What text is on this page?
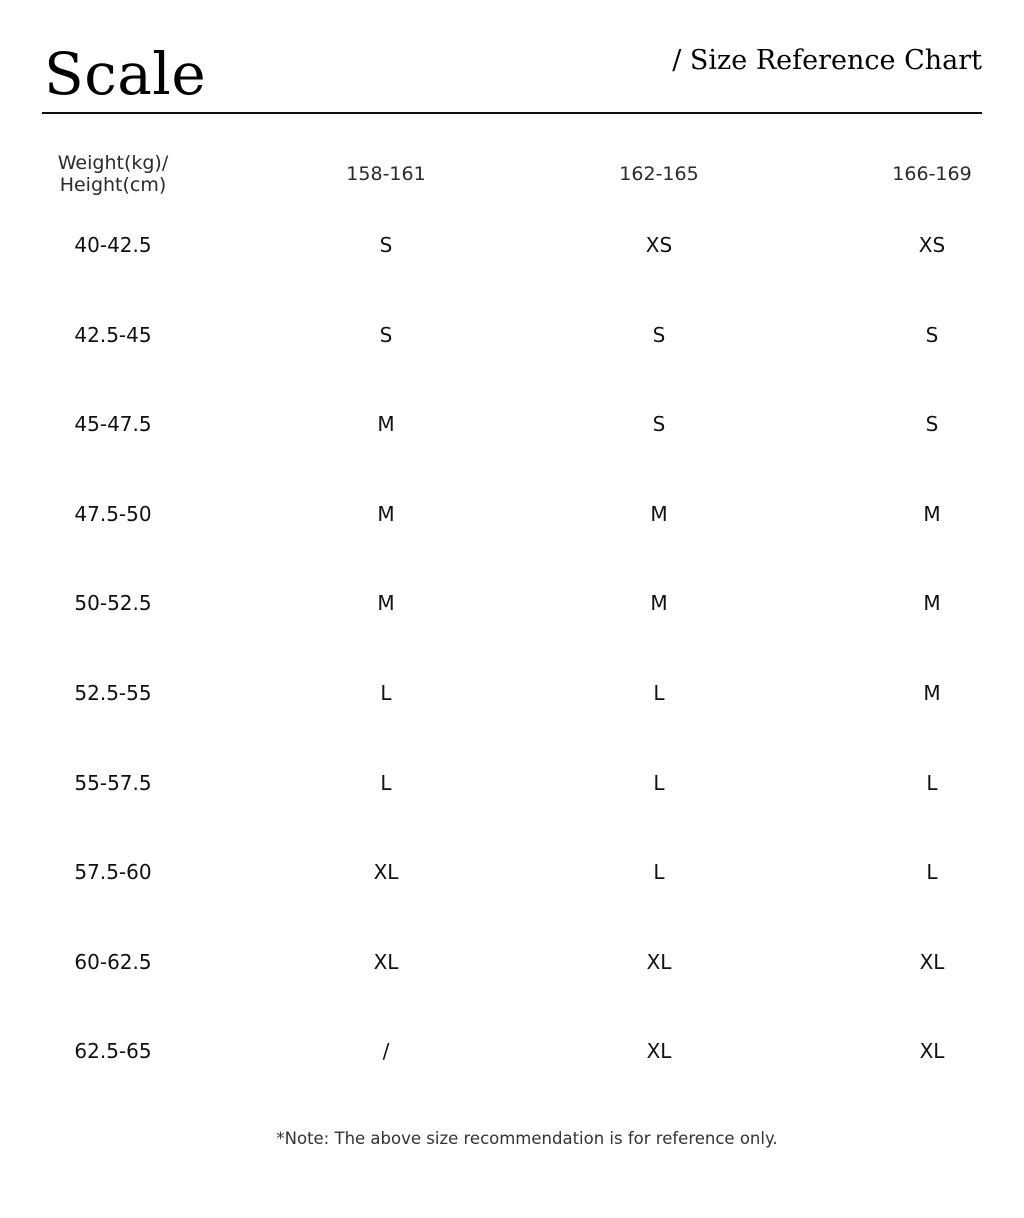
Scale	/ Size Reference Chart
Weight(kg)/
Height(cm)	158-161	162-165	166-169
40-42.5	S	XS	XS
42.5-45	S	S	S
45-47.5	M	S	S
47.5-50	M	M	M
50-52.5	M	M	M
52.5-55	L	L	M
55-57.5	L	L	L
57.5-60	XL	L	L
60-62.5	XL	XL	XL
62.5-65	/	XL	XL
*Note: The above size recommendation is for reference only.
